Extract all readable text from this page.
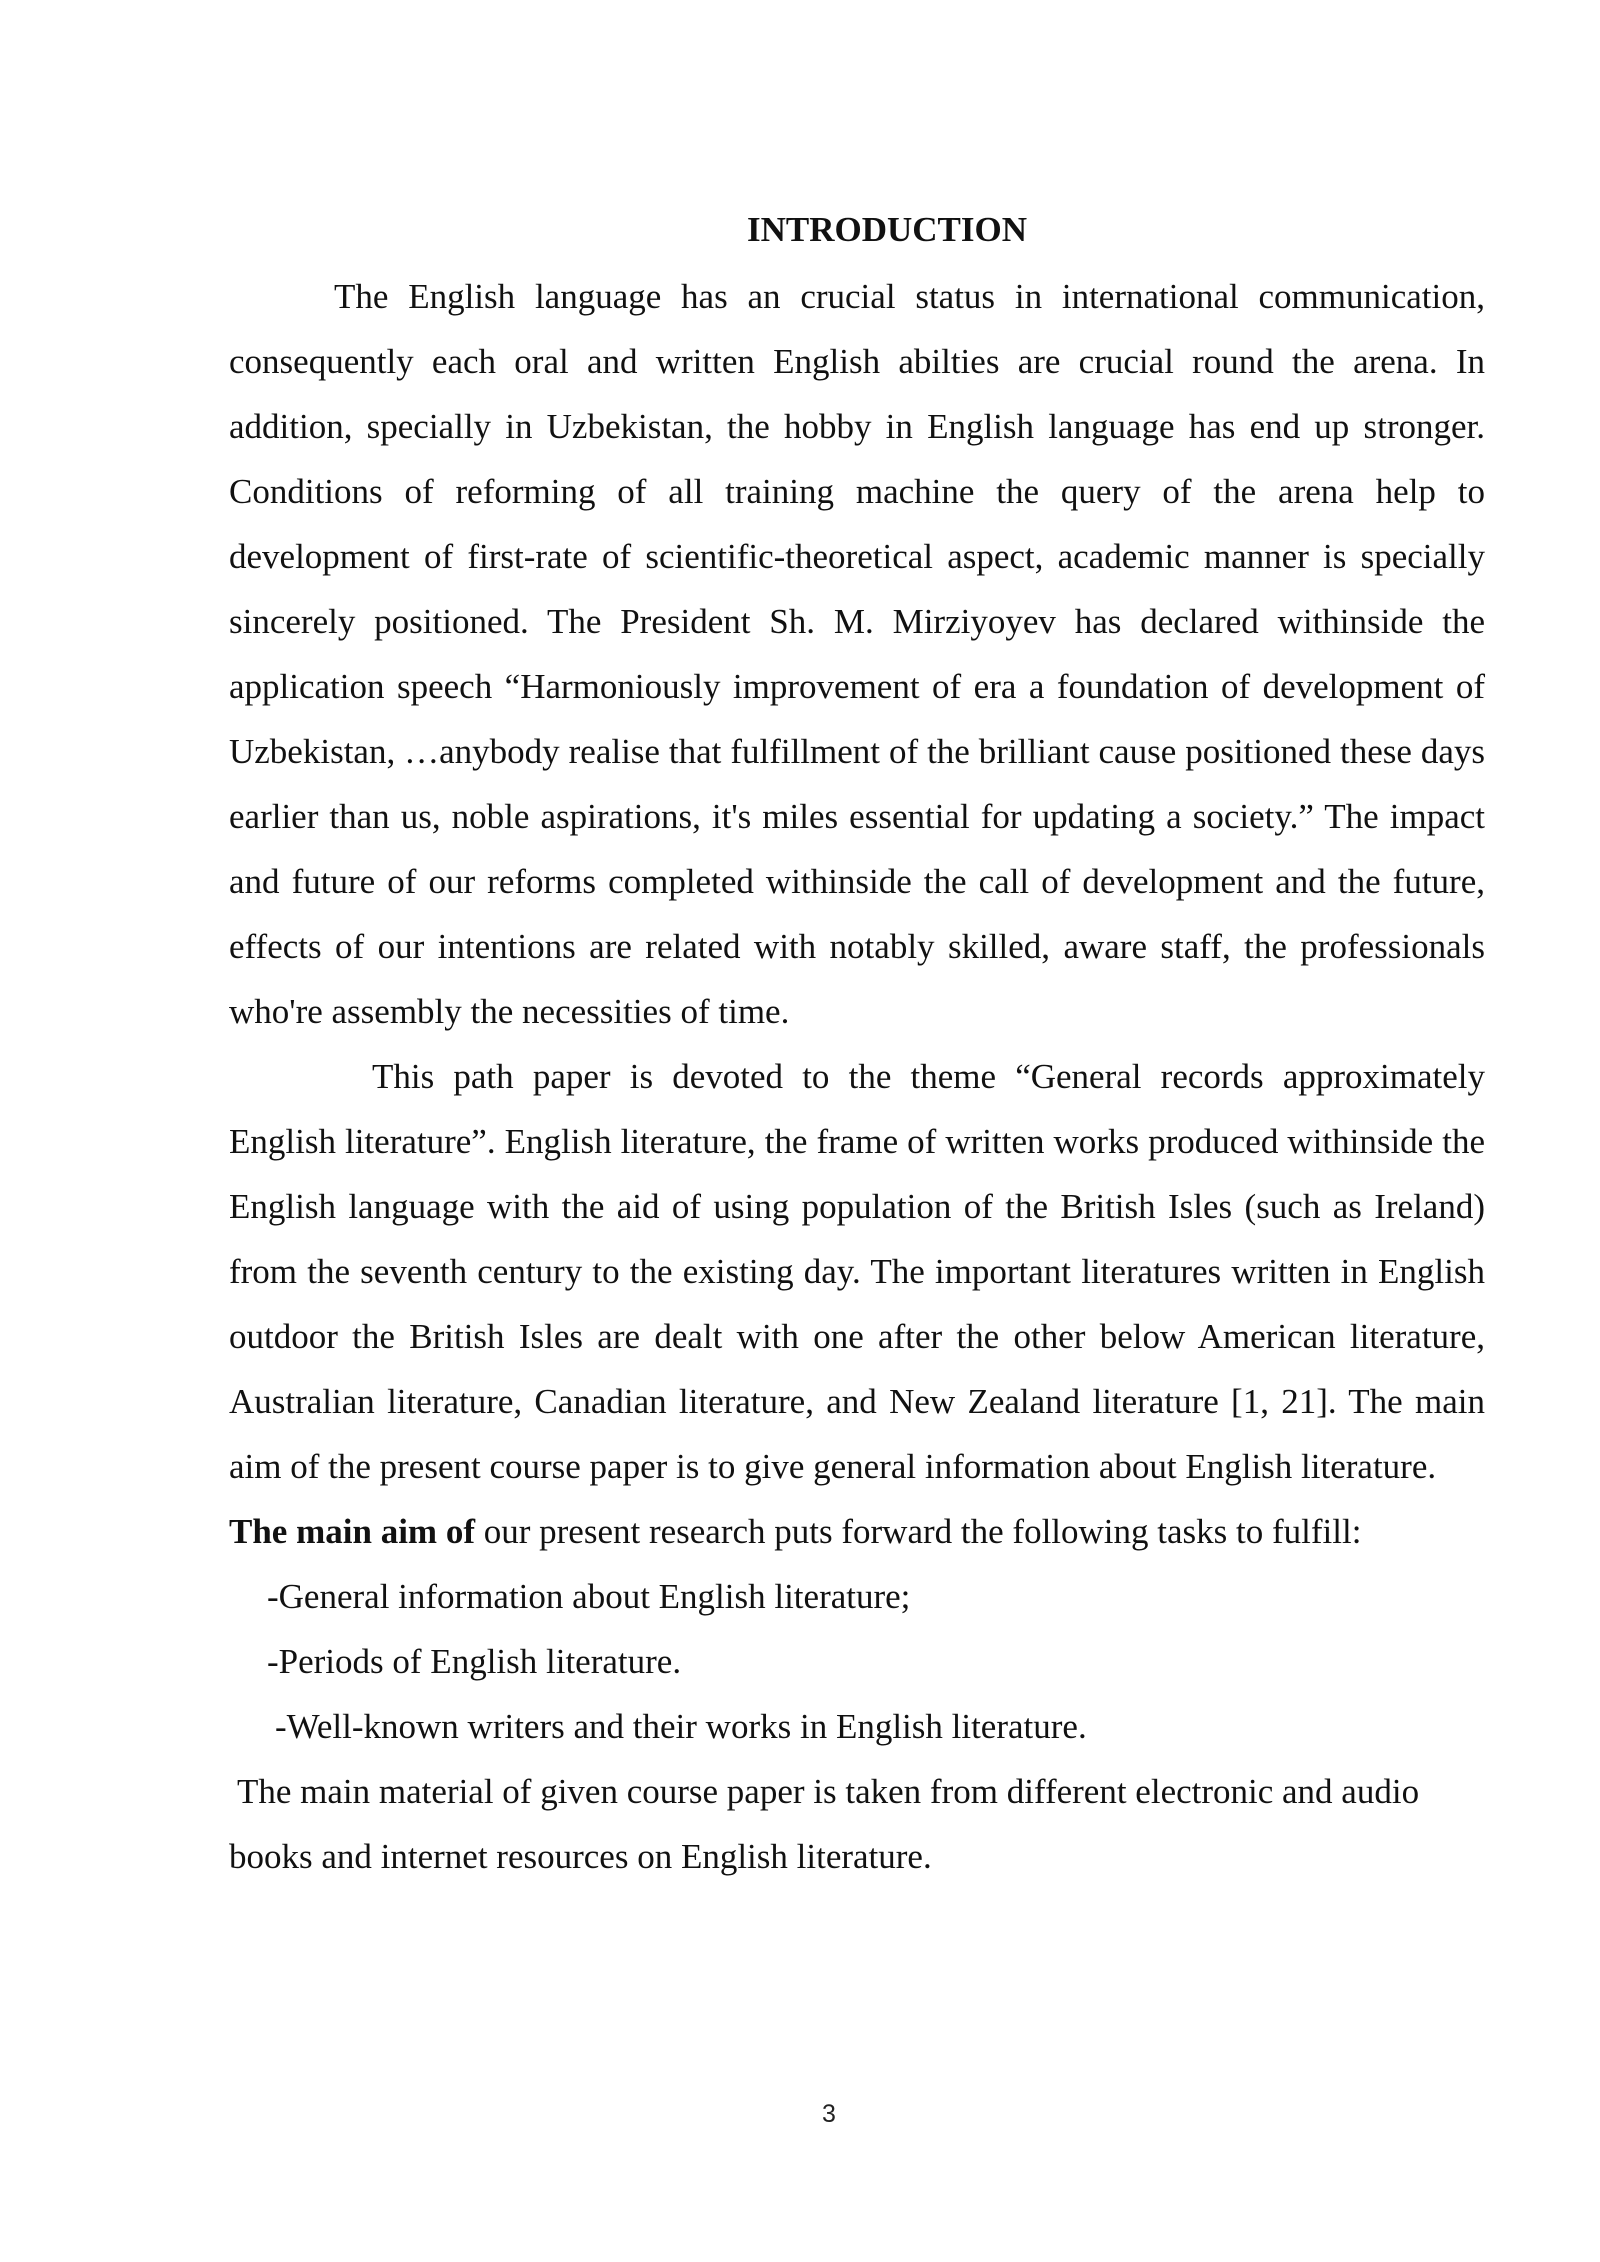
INTRODUCTION

The English language has an crucial status in international communication, consequently each oral and written English abilties are crucial round the arena. In addition, specially in Uzbekistan, the hobby in English language has end up stronger. Conditions of reforming of all training machine the query of the arena help to development of first-rate of scientific-theoretical aspect, academic manner is specially sincerely positioned. The President Sh. M. Mirziyoyev has declared withinside the application speech “Harmoniously improvement of era a foundation of development of Uzbekistan, …anybody realise that fulfillment of the brilliant cause positioned these days earlier than us, noble aspirations, it's miles essential for updating a society.” The impact and future of our reforms completed withinside the call of development and the future, effects of our intentions are related with notably skilled, aware staff, the professionals who're assembly the necessities of time.

This path paper is devoted to the theme “General records approximately English literature”. English literature, the frame of written works produced withinside the English language with the aid of using population of the British Isles (such as Ireland) from the seventh century to the existing day. The important literatures written in English outdoor the British Isles are dealt with one after the other below American literature, Australian literature, Canadian literature, and New Zealand literature [1, 21]. The main aim of the present course paper is to give general information about English literature.

The main aim of our present research puts forward the following tasks to fulfill:

-General information about English literature;

-Periods of English literature.

-Well-known writers and their works in English literature.

The main material of given course paper is taken from different electronic and audio

books and internet resources on English literature.

3
